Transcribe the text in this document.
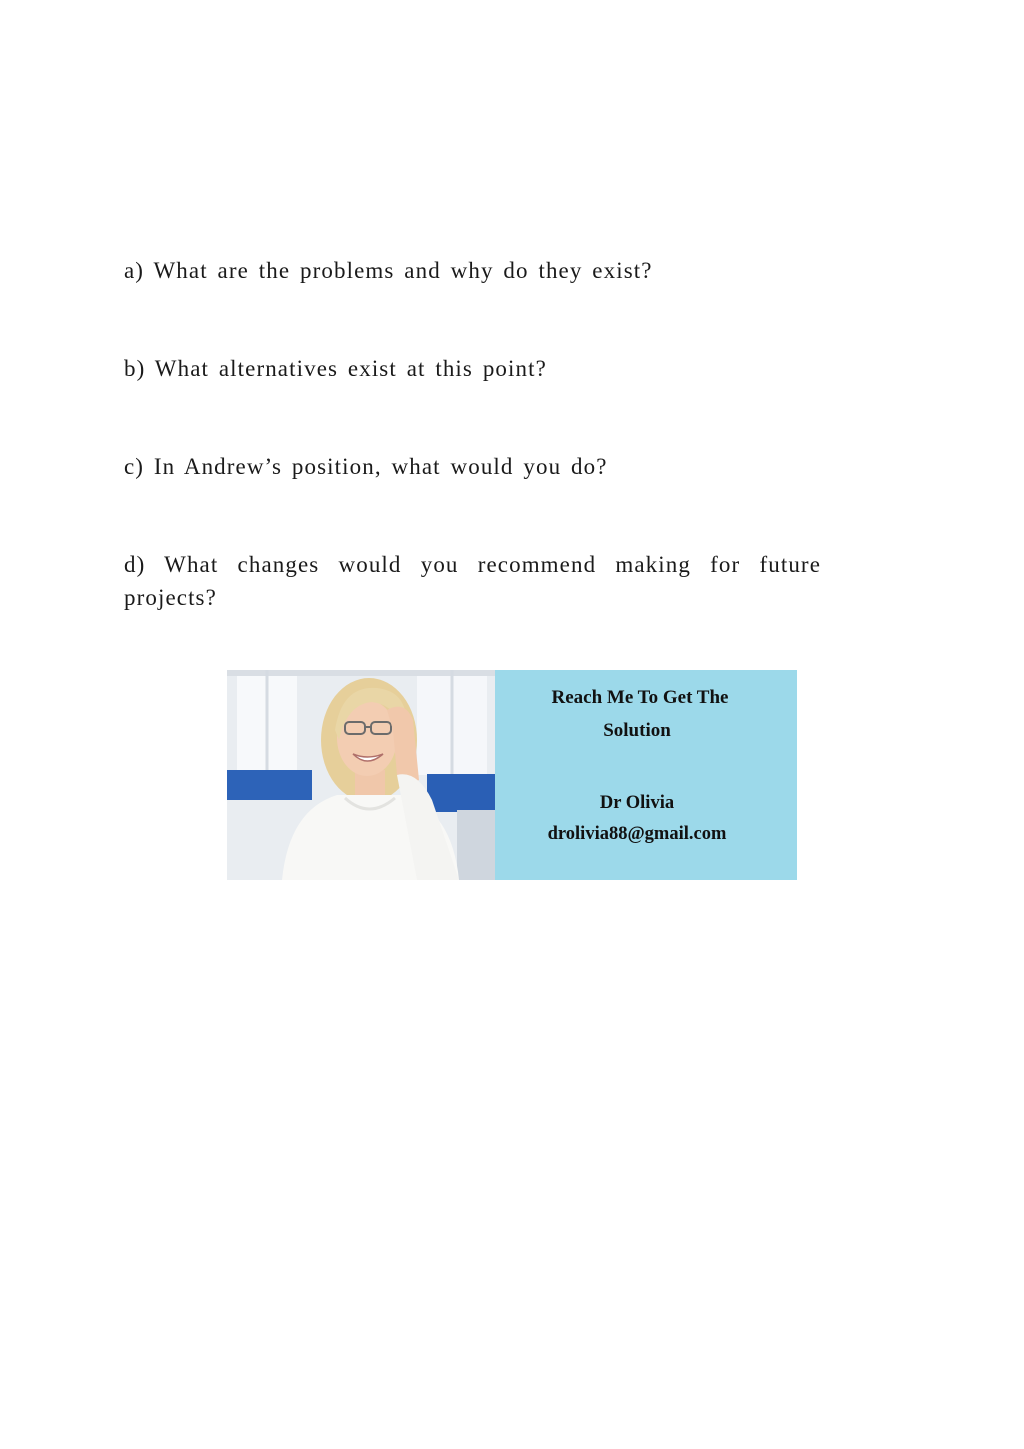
a) What are the problems and why do they exist?

b) What alternatives exist at this point?

c) In Andrew’s position, what would you do?

d) What changes would you recommend making for future projects?

Reach Me To Get The

Solution

Dr Olivia

drolivia88@gmail.com
